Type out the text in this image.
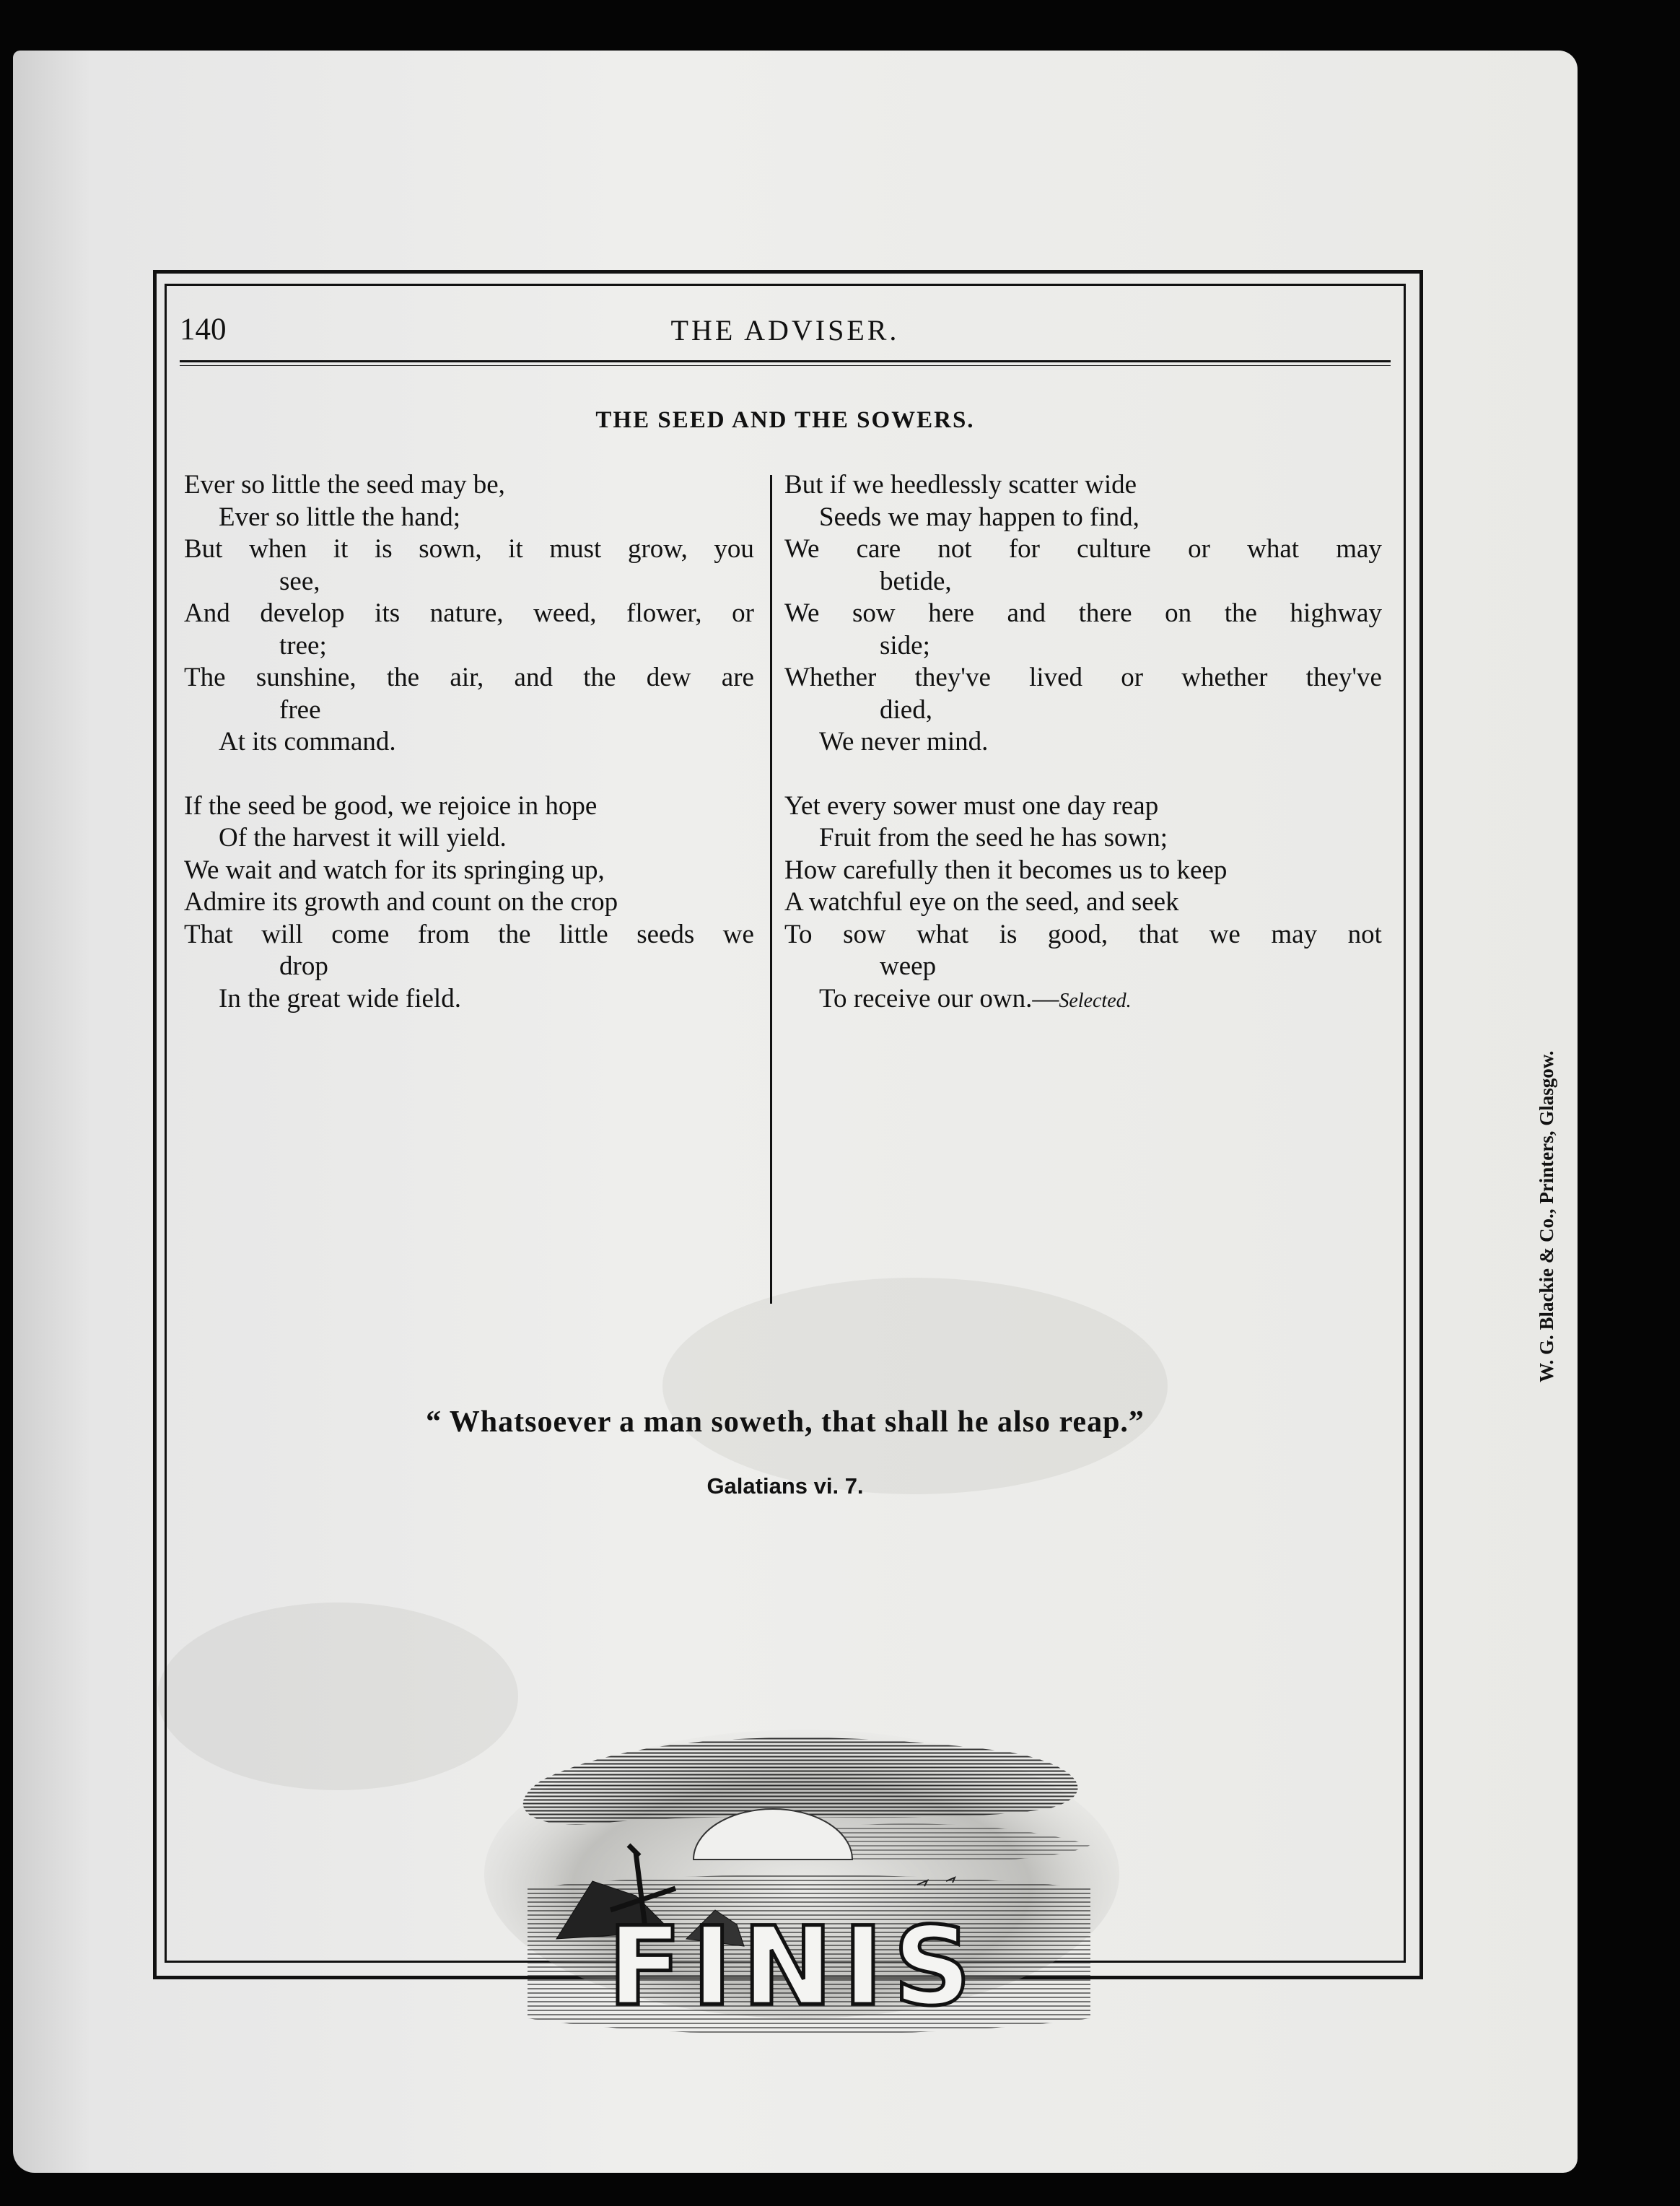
140	THE ADVISER.
THE SEED AND THE SOWERS.
Ever so little the seed may be,
Ever so little the hand;
But when it is sown, it must grow, you
see,
And develop its nature, weed, flower, or
tree;
The sunshine, the air, and the dew are
free
At its command.
If the seed be good, we rejoice in hope
Of the harvest it will yield.
We wait and watch for its springing up,
Admire its growth and count on the crop
That will come from the little seeds we
drop
In the great wide field.
But if we heedlessly scatter wide
Seeds we may happen to find,
We care not for culture or what may
betide,
We sow here and there on the highway
side;
Whether they've lived or whether they've
died,
We never mind.
Yet every sower must one day reap
Fruit from the seed he has sown;
How carefully then it becomes us to keep
A watchful eye on the seed, and seek
To sow what is good, that we may not
weep
To receive our own.—Selected.
“ Whatsoever a man soweth, that shall he also reap.”
Galatians vi. 7.
FINIS
